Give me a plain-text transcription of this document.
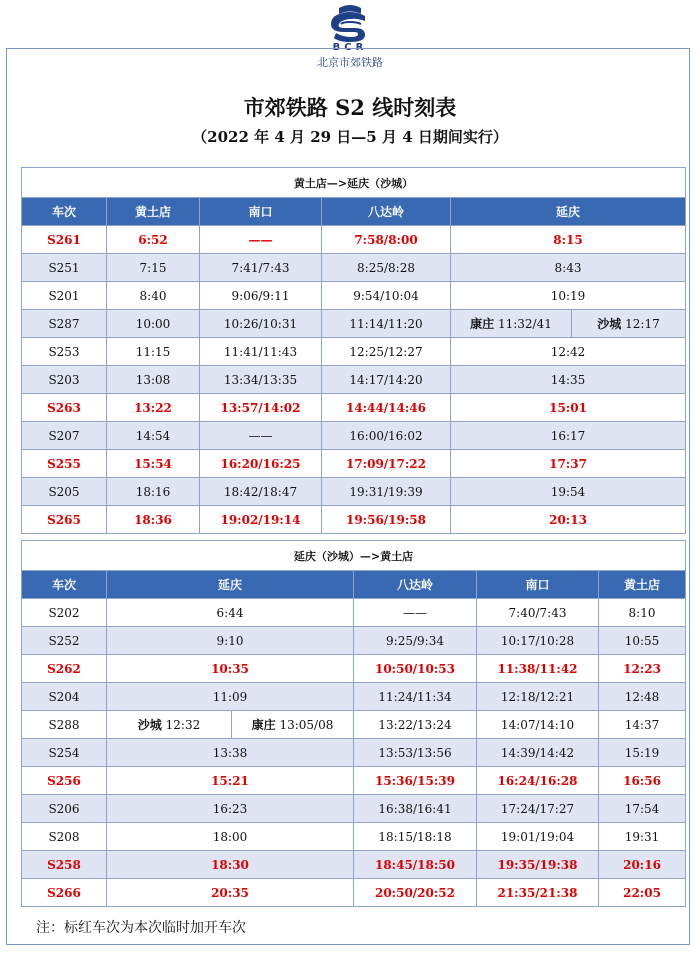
BCR
北京市郊铁路
市郊铁路 S2 线时刻表
（2022 年 4 月 29 日—5 月 4 日期间实行）
黄土店—>延庆（沙城）					
车次	黄土店	南口	八达岭	延庆	
S261	6:52	——	7:58/8:00	8:15	
S251	7:15	7:41/7:43	8:25/8:28	8:43	
S201	8:40	9:06/9:11	9:54/10:04	10:19	
S287	10:00	10:26/10:31	11:14/11:20	康庄 11:32/41	沙城 12:17
S253	11:15	11:41/11:43	12:25/12:27	12:42	
S203	13:08	13:34/13:35	14:17/14:20	14:35	
S263	13:22	13:57/14:02	14:44/14:46	15:01	
S207	14:54	——	16:00/16:02	16:17	
S255	15:54	16:20/16:25	17:09/17:22	17:37	
S205	18:16	18:42/18:47	19:31/19:39	19:54	
S265	18:36	19:02/19:14	19:56/19:58	20:13	
延庆（沙城）—>黄土店					
车次	延庆		八达岭	南口	黄土店
S202	6:44		——	7:40/7:43	8:10
S252	9:10		9:25/9:34	10:17/10:28	10:55
S262	10:35		10:50/10:53	11:38/11:42	12:23
S204	11:09		11:24/11:34	12:18/12:21	12:48
S288	沙城 12:32	康庄 13:05/08	13:22/13:24	14:07/14:10	14:37
S254	13:38		13:53/13:56	14:39/14:42	15:19
S256	15:21		15:36/15:39	16:24/16:28	16:56
S206	16:23		16:38/16:41	17:24/17:27	17:54
S208	18:00		18:15/18:18	19:01/19:04	19:31
S258	18:30		18:45/18:50	19:35/19:38	20:16
S266	20:35		20:50/20:52	21:35/21:38	22:05
注：标红车次为本次临时加开车次
